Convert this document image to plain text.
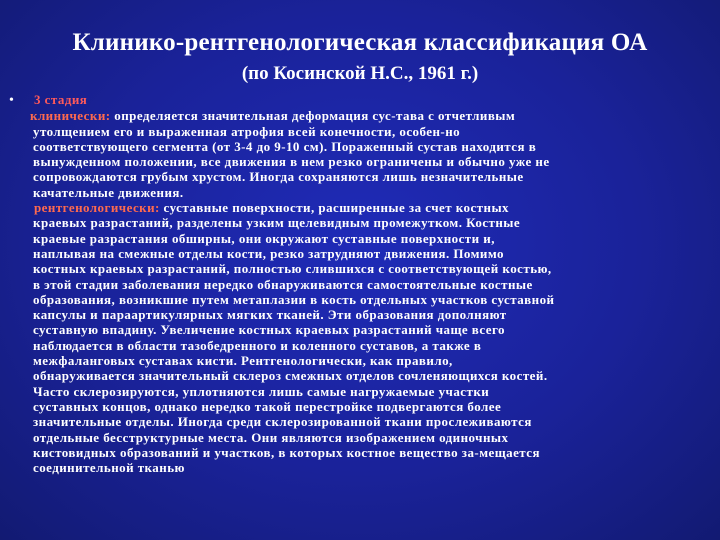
Клинико-рентгенологическая классификация ОА
(по Косинской Н.С., 1961 г.)
• 3 стадия
клинически: определяется значительная деформация сус-тава с отчетливым
утолщением его и выраженная атрофия всей конечности, особен-но
соответствующего сегмента (от 3-4 до 9-10 см). Пораженный сустав находится в
вынужденном положении, все движения в нем резко ограничены и обычно уже не
сопровождаются грубым хрустом. Иногда сохраняются лишь незначительные
качательные движения.
рентгенологически: суставные поверхности, расширенные за счет костных
краевых разрастаний, разделены узким щелевидным промежутком. Костные
краевые разрастания обширны, они окружают суставные поверхности и,
наплывая на смежные отделы кости, резко затрудняют движения. Помимо
костных краевых разрастаний, полностью слившихся с соответствующей костью,
в этой стадии заболевания нередко обнаруживаются самостоятельные костные
образования, возникшие путем метаплазии в кость отдельных участков суставной
капсулы и параартикулярных мягких тканей. Эти образования дополняют
суставную впадину. Увеличение костных краевых разрастаний чаще всего
наблюдается в области тазобедренного и коленного суставов, а также в
межфаланговых суставах кисти. Рентгенологически, как правило,
обнаруживается значительный склероз смежных отделов сочленяющихся костей.
Часто склерозируются, уплотняются лишь самые нагружаемые участки
суставных концов, однако нередко такой перестройке подвергаются более
значительные отделы. Иногда среди склерозированной ткани прослеживаются
отдельные бесструктурные места. Они являются изображением одиночных
кистовидных образований и участков, в которых костное вещество за-мещается
соединительной тканью
